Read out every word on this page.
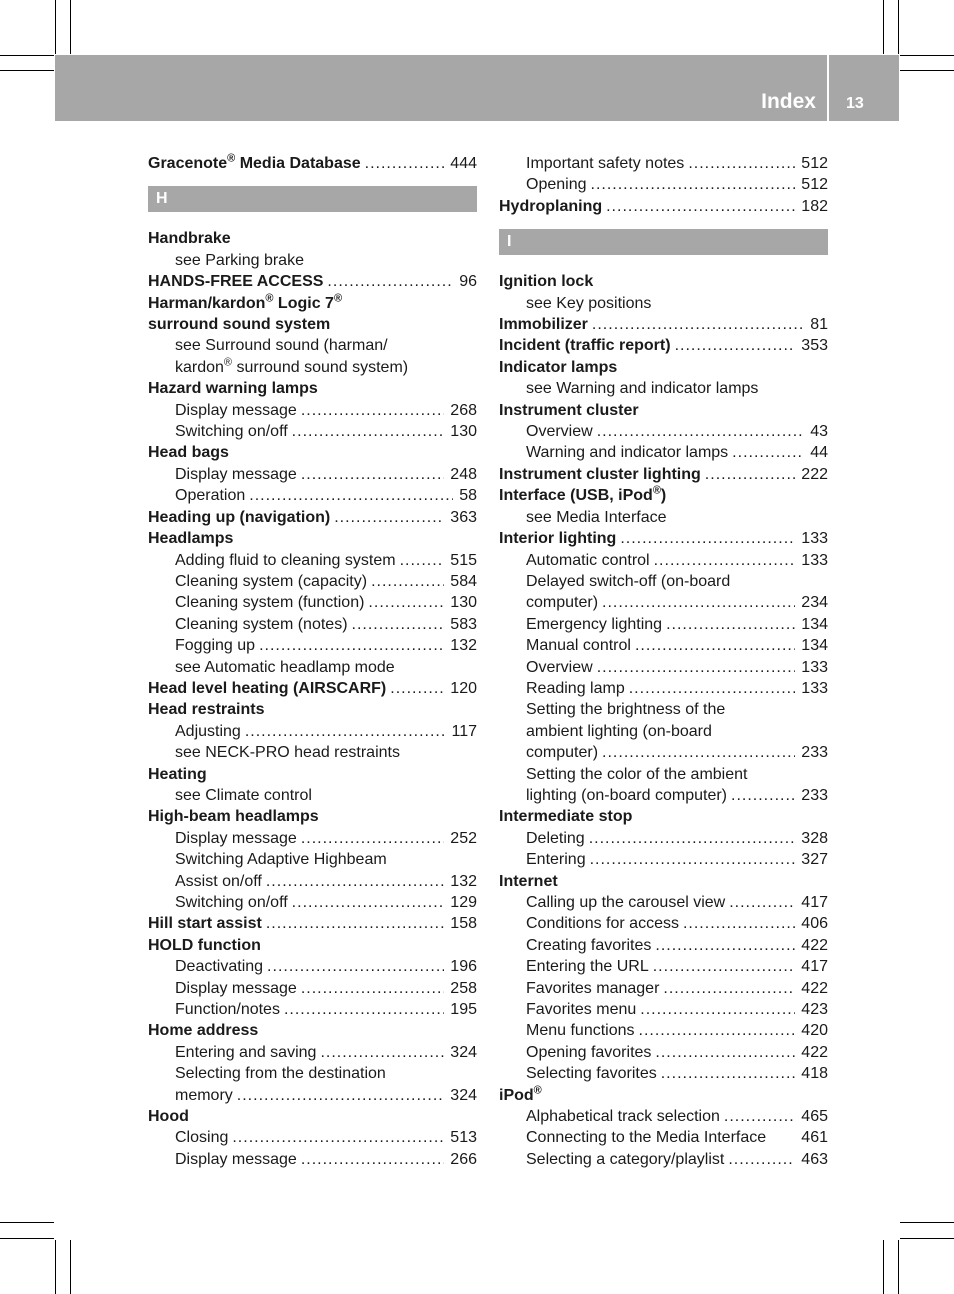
Index 13
Gracenote® Media Database .....	444
H
Handbrake
see Parking brake
HANDS-FREE ACCESS .....	96
Harman/kardon® Logic 7®
surround sound system
see Surround sound (harman/
kardon® surround sound system)
Hazard warning lamps
Display message .....	268
Switching on/off .....	130
Head bags
Display message .....	248
Operation .....	58
Heading up (navigation) .....	363
Headlamps
Adding fluid to cleaning system .....	515
Cleaning system (capacity) .....	584
Cleaning system (function) .....	130
Cleaning system (notes) .....	583
Fogging up .....	132
see Automatic headlamp mode
Head level heating (AIRSCARF) .....	120
Head restraints
Adjusting .....	117
see NECK-PRO head restraints
Heating
see Climate control
High-beam headlamps
Display message .....	252
Switching Adaptive Highbeam
Assist on/off .....	132
Switching on/off .....	129
Hill start assist .....	158
HOLD function
Deactivating .....	196
Display message .....	258
Function/notes .....	195
Home address
Entering and saving .....	324
Selecting from the destination
memory .....	324
Hood
Closing .....	513
Display message .....	266
Important safety notes .....	512
Opening .....	512
Hydroplaning .....	182
I
Ignition lock
see Key positions
Immobilizer .....	81
Incident (traffic report) .....	353
Indicator lamps
see Warning and indicator lamps
Instrument cluster
Overview .....	43
Warning and indicator lamps .....	44
Instrument cluster lighting .....	222
Interface (USB, iPod®)
see Media Interface
Interior lighting .....	133
Automatic control .....	133
Delayed switch-off (on-board
computer) .....	234
Emergency lighting .....	134
Manual control .....	134
Overview .....	133
Reading lamp .....	133
Setting the brightness of the
ambient lighting (on-board
computer) .....	233
Setting the color of the ambient
lighting (on-board computer) .....	233
Intermediate stop
Deleting .....	328
Entering .....	327
Internet
Calling up the carousel view .....	417
Conditions for access .....	406
Creating favorites .....	422
Entering the URL .....	417
Favorites manager .....	422
Favorites menu .....	423
Menu functions .....	420
Opening favorites .....	422
Selecting favorites .....	418
iPod®
Alphabetical track selection .....	465
Connecting to the Media Interface 461
Selecting a category/playlist .....	463
